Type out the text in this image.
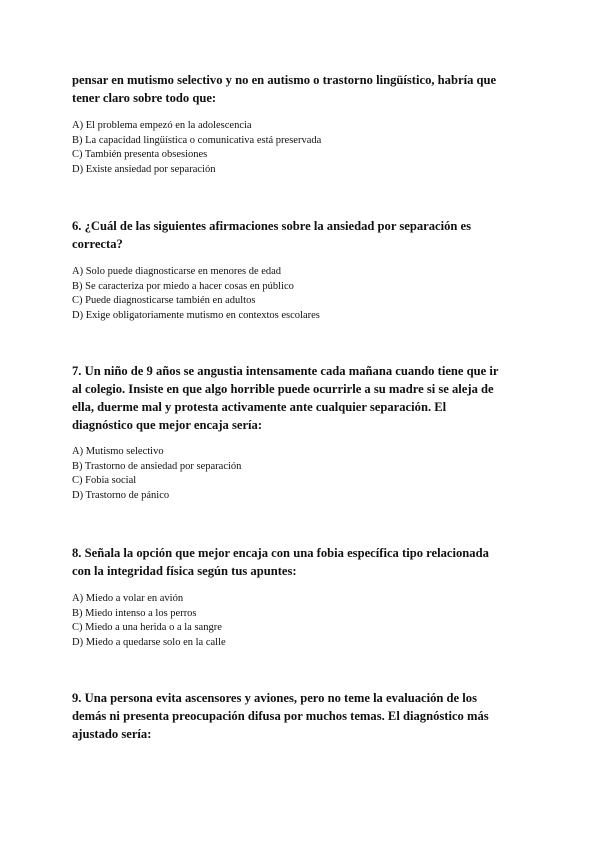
pensar en mutismo selectivo y no en autismo o trastorno lingüístico, habría que
tener claro sobre todo que:

A) El problema empezó en la adolescencia

B) La capacidad lingüística o comunicativa está preservada

C) También presenta obsesiones

D) Existe ansiedad por separación

6. ¿Cuál de las siguientes afirmaciones sobre la ansiedad por separación es
correcta?

A) Solo puede diagnosticarse en menores de edad

B) Se caracteriza por miedo a hacer cosas en público

C) Puede diagnosticarse también en adultos

D) Exige obligatoriamente mutismo en contextos escolares

7. Un niño de 9 años se angustia intensamente cada mañana cuando tiene que ir
al colegio. Insiste en que algo horrible puede ocurrirle a su madre si se aleja de
ella, duerme mal y protesta activamente ante cualquier separación. El
diagnóstico que mejor encaja sería:

A) Mutismo selectivo

B) Trastorno de ansiedad por separación

C) Fobia social

D) Trastorno de pánico

8. Señala la opción que mejor encaja con una fobia específica tipo relacionada
con la integridad física según tus apuntes:

A) Miedo a volar en avión

B) Miedo intenso a los perros

C) Miedo a una herida o a la sangre

D) Miedo a quedarse solo en la calle

9. Una persona evita ascensores y aviones, pero no teme la evaluación de los
demás ni presenta preocupación difusa por muchos temas. El diagnóstico más
ajustado sería:
